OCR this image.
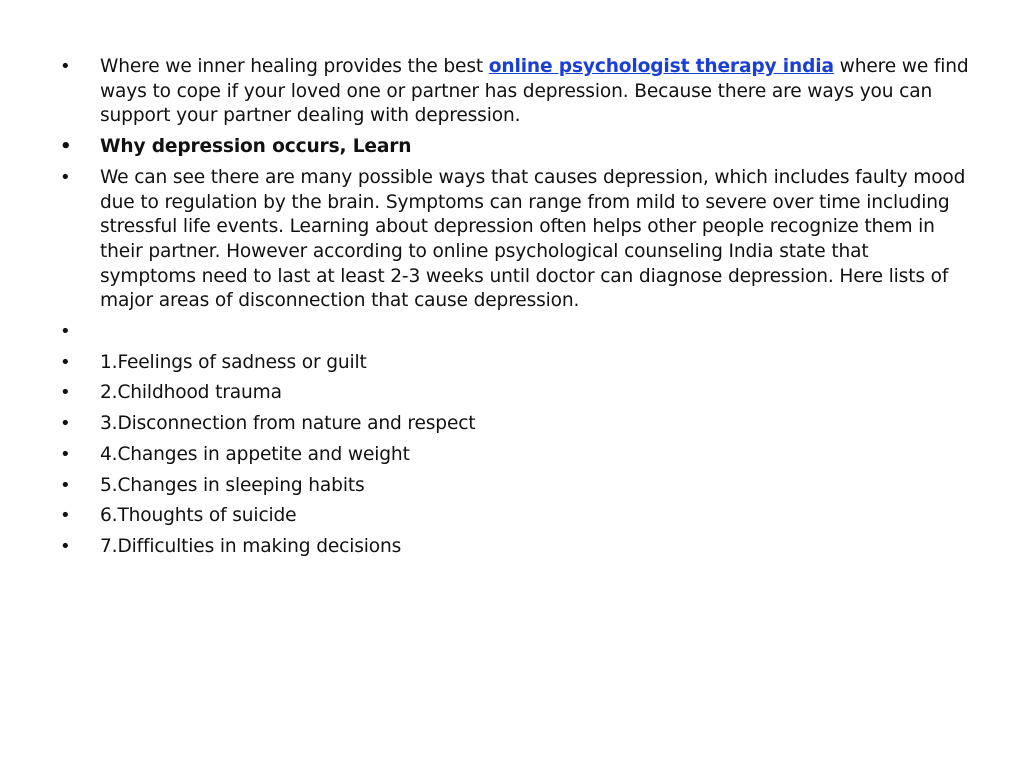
• Where we inner healing provides the best online psychologist therapy india where we find ways to cope if your loved one or partner has depression. Because there are ways you can support your partner dealing with depression.
• Why depression occurs, Learn
• We can see there are many possible ways that causes depression, which includes faulty mood due to regulation by the brain. Symptoms can range from mild to severe over time including stressful life events. Learning about depression often helps other people recognize them in their partner. However according to online psychological counseling India state that symptoms need to last at least 2-3 weeks until doctor can diagnose depression. Here lists of major areas of disconnection that cause depression.
•
• 1.Feelings of sadness or guilt
• 2.Childhood trauma
• 3.Disconnection from nature and respect
• 4.Changes in appetite and weight
• 5.Changes in sleeping habits
• 6.Thoughts of suicide
• 7.Difficulties in making decisions
